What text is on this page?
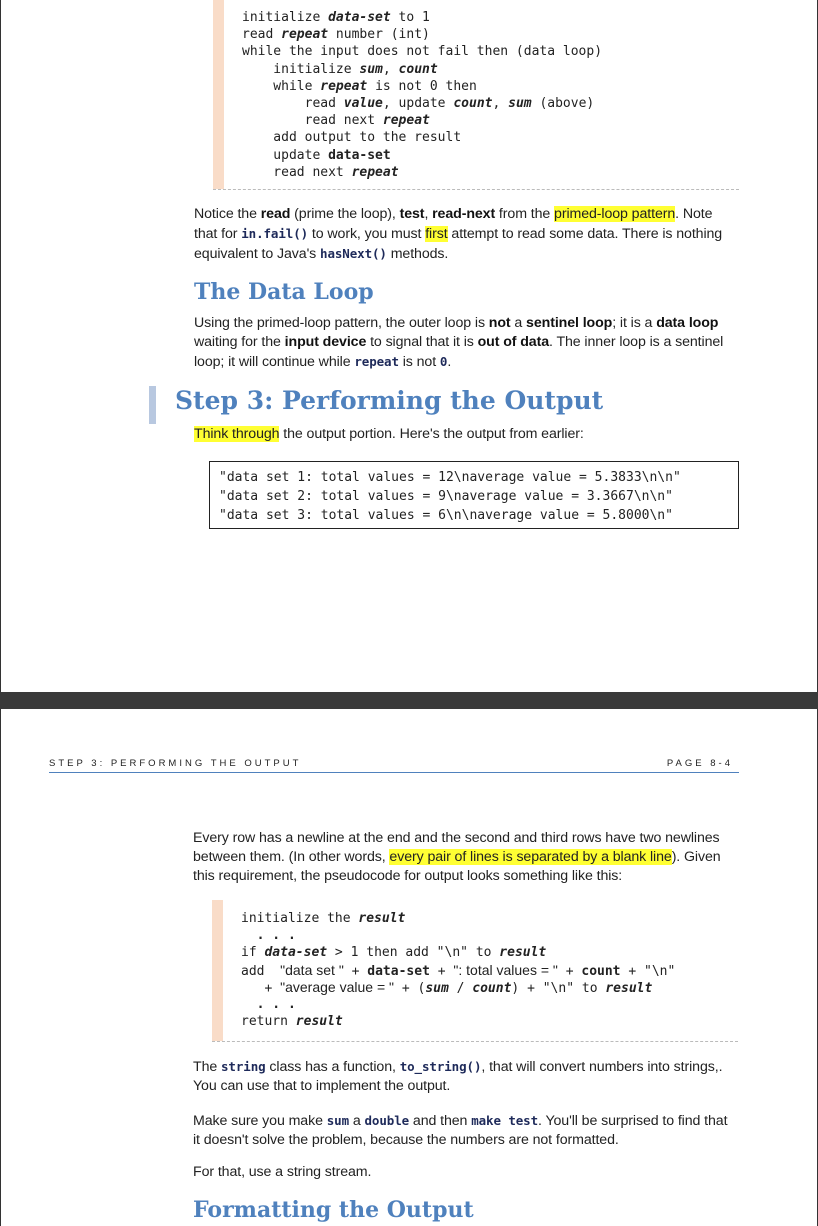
initialize data-set to 1
read repeat number (int)
while the input does not fail then (data loop)
initialize sum, count
while repeat is not 0 then
read value, update count, sum (above)
read next repeat
add output to the result
update data-set
read next repeat
Notice the read (prime the loop), test, read-next from the primed-loop pattern. Note
that for in.fail() to work, you must first attempt to read some data. There is nothing
equivalent to Java's hasNext() methods.
The Data Loop
Using the primed-loop pattern, the outer loop is not a sentinel loop; it is a data loop
waiting for the input device to signal that it is out of data. The inner loop is a sentinel
loop; it will continue while repeat is not 0.
Step 3: Performing the Output
Think through the output portion. Here's the output from earlier:
"data set 1: total values = 12\naverage value = 5.3833\n\n"
"data set 2: total values = 9\naverage value = 3.3667\n\n"
"data set 3: total values = 6\n\naverage value = 5.8000\n"
STEP 3: PERFORMING THE OUTPUT	PAGE 8-4
Every row has a newline at the end and the second and third rows have two newlines
between them. (In other words, every pair of lines is separated by a blank line). Given
this requirement, the pseudocode for output looks something like this:
initialize the result
. . .
if data-set > 1 then add "\n" to result
add  "data set " + data-set + ": total values = " + count + "\n"
+ "average value = " + (sum / count) + "\n" to result
. . .
return result
The string class has a function, to_string(), that will convert numbers into strings,.
You can use that to implement the output.
Make sure you make sum a double and then make test. You'll be surprised to find that
it doesn't solve the problem, because the numbers are not formatted.
For that, use a string stream.
Formatting the Output
